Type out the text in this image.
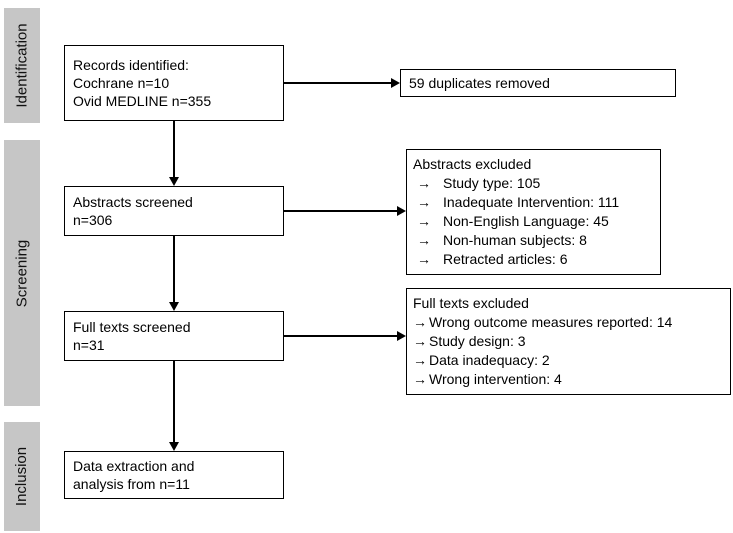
Identification
Screening
Inclusion
Records identified:
Cochrane n=10
Ovid MEDLINE n=355
59 duplicates removed
Abstracts screened
n=306
Abstracts excluded
→ Study type: 105
→ Inadequate Intervention: 111
→ Non-English Language: 45
→ Non-human subjects: 8
→ Retracted articles: 6
Full texts screened
n=31
Full texts excluded
→ Wrong outcome measures reported: 14
→ Study design: 3
→ Data inadequacy: 2
→ Wrong intervention: 4
Data extraction and
analysis from n=11
